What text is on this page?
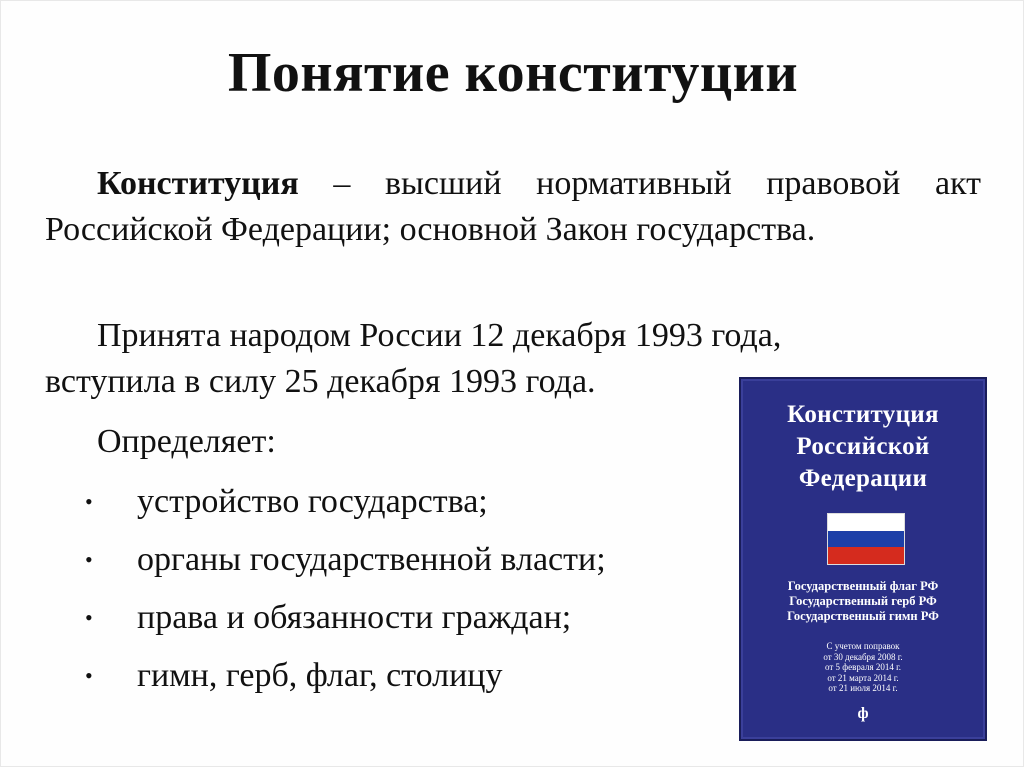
Понятие конституции
Конституция – высший нормативный правовой акт Российской Федерации; основной Закон государства.
Принята народом России 12 декабря 1993 года,
вступила в силу 25 декабря 1993 года.
Определяет:
• устройство государства;
• органы государственной власти;
• права и обязанности граждан;
• гимн, герб, флаг, столицу
Конституция
Российской
Федерации
Государственный флаг РФ
Государственный герб РФ
Государственный гимн РФ
С учетом поправок
от 30 декабря 2008 г.
от 5 февраля 2014 г.
от 21 марта 2014 г.
от 21 июля 2014 г.
ф
